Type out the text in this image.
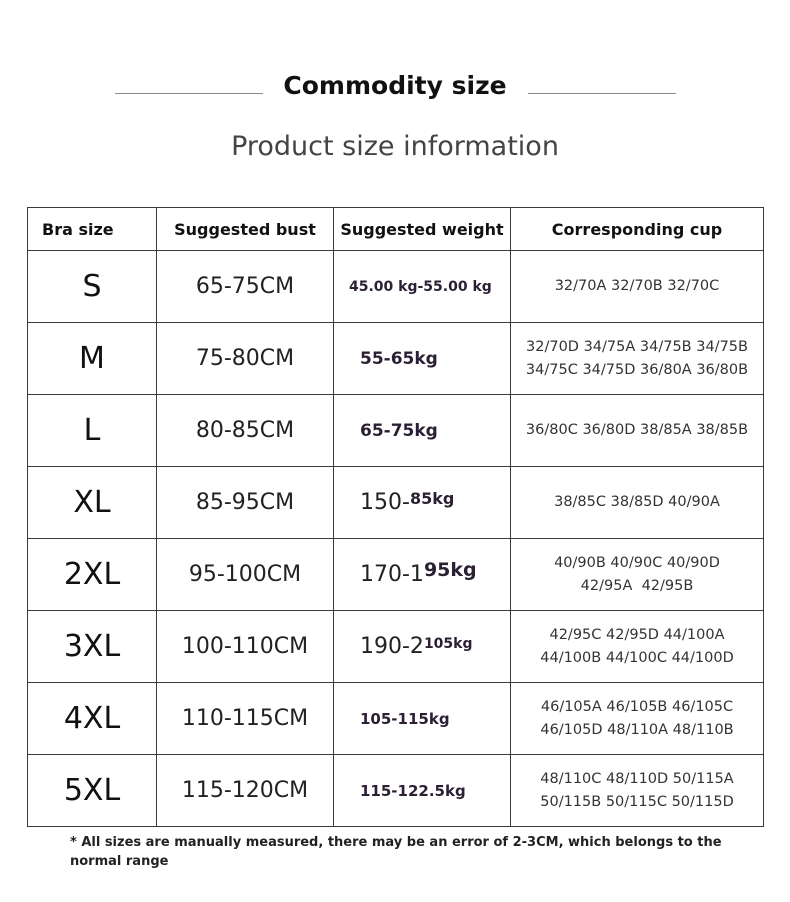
Commodity size
Product size information
Bra size	Suggested bust	Suggested weight	Corresponding cup
S	65-75CM	45.00 kg-55.00 kg	32/70A 32/70B 32/70C

M	75-80CM	55-65kg	32/70D 34/75A 34/75B 34/75B
34/75C 34/75D 36/80A 36/80B

L	80-85CM	65-75kg	36/80C 36/80D 38/85A 38/85B

XL	85-95CM	150-$^{85kg}$	38/85C 38/85D 40/90A

2XL	95-100CM	170-195kg	40/90B 40/90C 40/90D
42/95A  42/95B

3XL	100-110CM	$190-2^{105kg}$	42/95C 42/95D 44/100A
44/100B 44/100C 44/100D

4XL	110-115CM	105-115kg	46/105A 46/105B 46/105C
46/105D 48/110A 48/110B

5XL	115-120CM	115-122.5kg	48/110C 48/110D 50/115A
50/115B 50/115C 50/115D
* All sizes are manually measured, there may be an error of 2-3CM, which belongs to the
normal range
